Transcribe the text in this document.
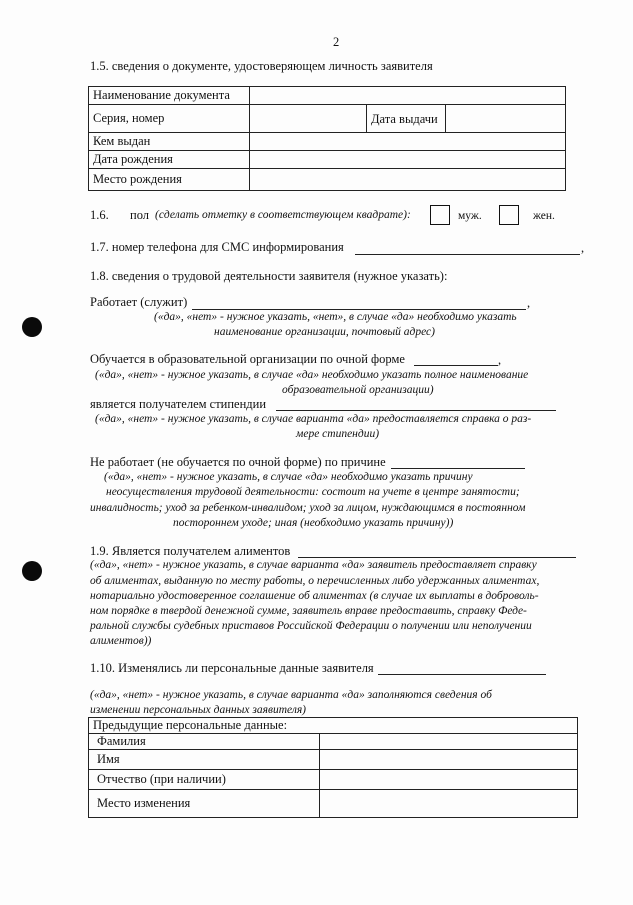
2
1.5. сведения о документе, удостоверяющем личность заявителя
Наименование документа			
Серия, номер		Дата выдачи	
Кем выдан			
Дата рождения			
Место рождения			
1.6. пол (сделать отметку в соответствующем квадрате):	муж.	жен.
1.7. номер телефона для СМС информирования	,
1.8. сведения о трудовой деятельности заявителя (нужное указать):
Работает (служит)	,
(«да», «нет» - нужное указать, «нет», в случае «да» необходимо указать
наименование организации, почтовый адрес)
Обучается в образовательной организации по очной форме	,
(«да», «нет» - нужное указать, в случае «да» необходимо указать полное наименование
образовательной организации)
является получателем стипендии
(«да», «нет» - нужное указать, в случае варианта «да» предоставляется справка о раз-
мере стипендии)
Не работает (не обучается по очной форме) по причине
(«да», «нет» - нужное указать, в случае «да» необходимо указать причину
неосуществления трудовой деятельности: состоит на учете в центре занятости;
инвалидность; уход за ребенком-инвалидом; уход за лицом, нуждающимся в постоянном
постороннем уходе; иная (необходимо указать причину))
1.9. Является получателем алиментов
(«да», «нет» - нужное указать, в случае варианта «да» заявитель предоставляет справку
об алиментах, выданную по месту работы, о перечисленных либо удержанных алиментах,
нотариально удостоверенное соглашение об алиментах (в случае их выплаты в доброволь-
ном порядке в твердой денежной сумме, заявитель вправе предоставить, справку Федe-
ральной службы судебных приставов Российской Федерации о получении или неполучении
алиментов))
1.10. Изменялись ли персональные данные заявителя
(«да», «нет» - нужное указать, в случае варианта «да» заполняются сведения об
изменении персональных данных заявителя)
Предыдущие персональные данные:	
Фамилия	
Имя	
Отчество (при наличии)	
Место изменения	
